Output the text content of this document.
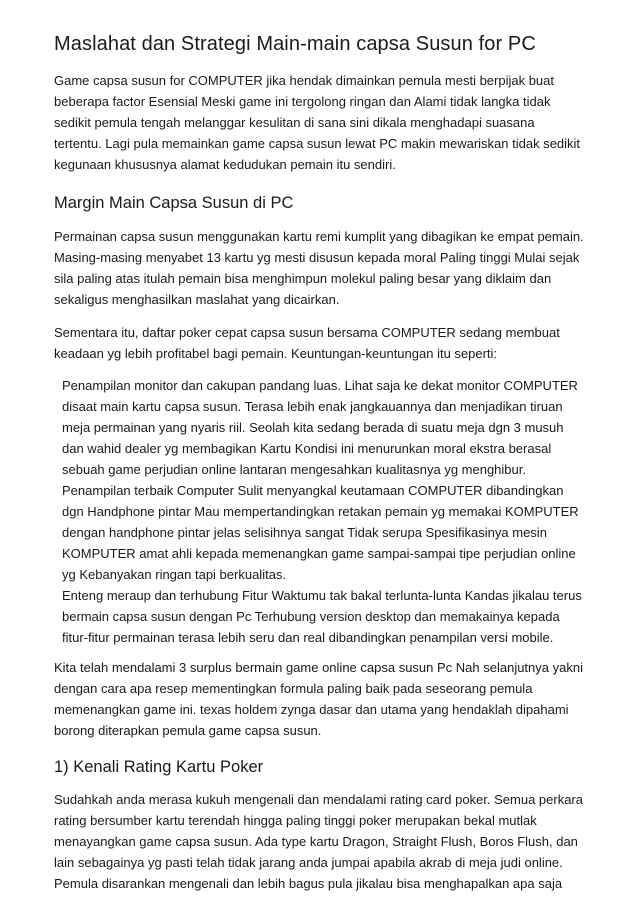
Maslahat dan Strategi Main-main capsa Susun for PC

Game capsa susun for COMPUTER jika hendak dimainkan pemula mesti berpijak buat beberapa factor Esensial Meski game ini tergolong ringan dan Alami tidak langka tidak sedikit pemula tengah melanggar kesulitan di sana sini dikala menghadapi suasana tertentu. Lagi pula memainkan game capsa susun lewat PC makin mewariskan tidak sedikit kegunaan khususnya alamat kedudukan pemain itu sendiri.

Margin Main Capsa Susun di PC

Permainan capsa susun menggunakan kartu remi kumplit yang dibagikan ke empat pemain. Masing-masing menyabet 13 kartu yg mesti disusun kepada moral Paling tinggi Mulai sejak sila paling atas itulah pemain bisa menghimpun molekul paling besar yang diklaim dan sekaligus menghasilkan maslahat yang dicairkan.

Sementara itu, daftar poker cepat capsa susun bersama COMPUTER sedang membuat keadaan yg lebih profitabel bagi pemain. Keuntungan-keuntungan itu seperti:

Penampilan monitor dan cakupan pandang luas. Lihat saja ke dekat monitor COMPUTER disaat main kartu capsa susun. Terasa lebih enak jangkauannya dan menjadikan tiruan meja permainan yang nyaris riil. Seolah kita sedang berada di suatu meja dgn 3 musuh dan wahid dealer yg membagikan Kartu Kondisi ini menurunkan moral ekstra berasal sebuah game perjudian online lantaran mengesahkan kualitasnya yg menghibur.

Penampilan terbaik Computer Sulit menyangkal keutamaan COMPUTER dibandingkan dgn Handphone pintar Mau mempertandingkan retakan pemain yg memakai KOMPUTER dengan handphone pintar jelas selisihnya sangat Tidak serupa Spesifikasinya mesin KOMPUTER amat ahli kepada memenangkan game sampai-sampai tipe perjudian online yg Kebanyakan ringan tapi berkualitas.

Enteng meraup dan terhubung Fitur Waktumu tak bakal terlunta-lunta Kandas jikalau terus bermain capsa susun dengan Pc Terhubung version desktop dan memakainya kepada fitur-fitur permainan terasa lebih seru dan real dibandingkan penampilan versi mobile.

Kita telah mendalami 3 surplus bermain game online capsa susun Pc Nah selanjutnya yakni dengan cara apa resep mementingkan formula paling baik pada seseorang pemula memenangkan game ini. texas holdem zynga dasar dan utama yang hendaklah dipahami borong diterapkan pemula game capsa susun.

1) Kenali Rating Kartu Poker

Sudahkah anda merasa kukuh mengenali dan mendalami rating card poker. Semua perkara rating bersumber kartu terendah hingga paling tinggi poker merupakan bekal mutlak menayangkan game capsa susun. Ada type kartu Dragon, Straight Flush, Boros Flush, dan lain sebagainya yg pasti telah tidak jarang anda jumpai apabila akrab di meja judi online. Pemula disarankan mengenali dan lebih bagus pula jikalau bisa menghapalkan apa saja
